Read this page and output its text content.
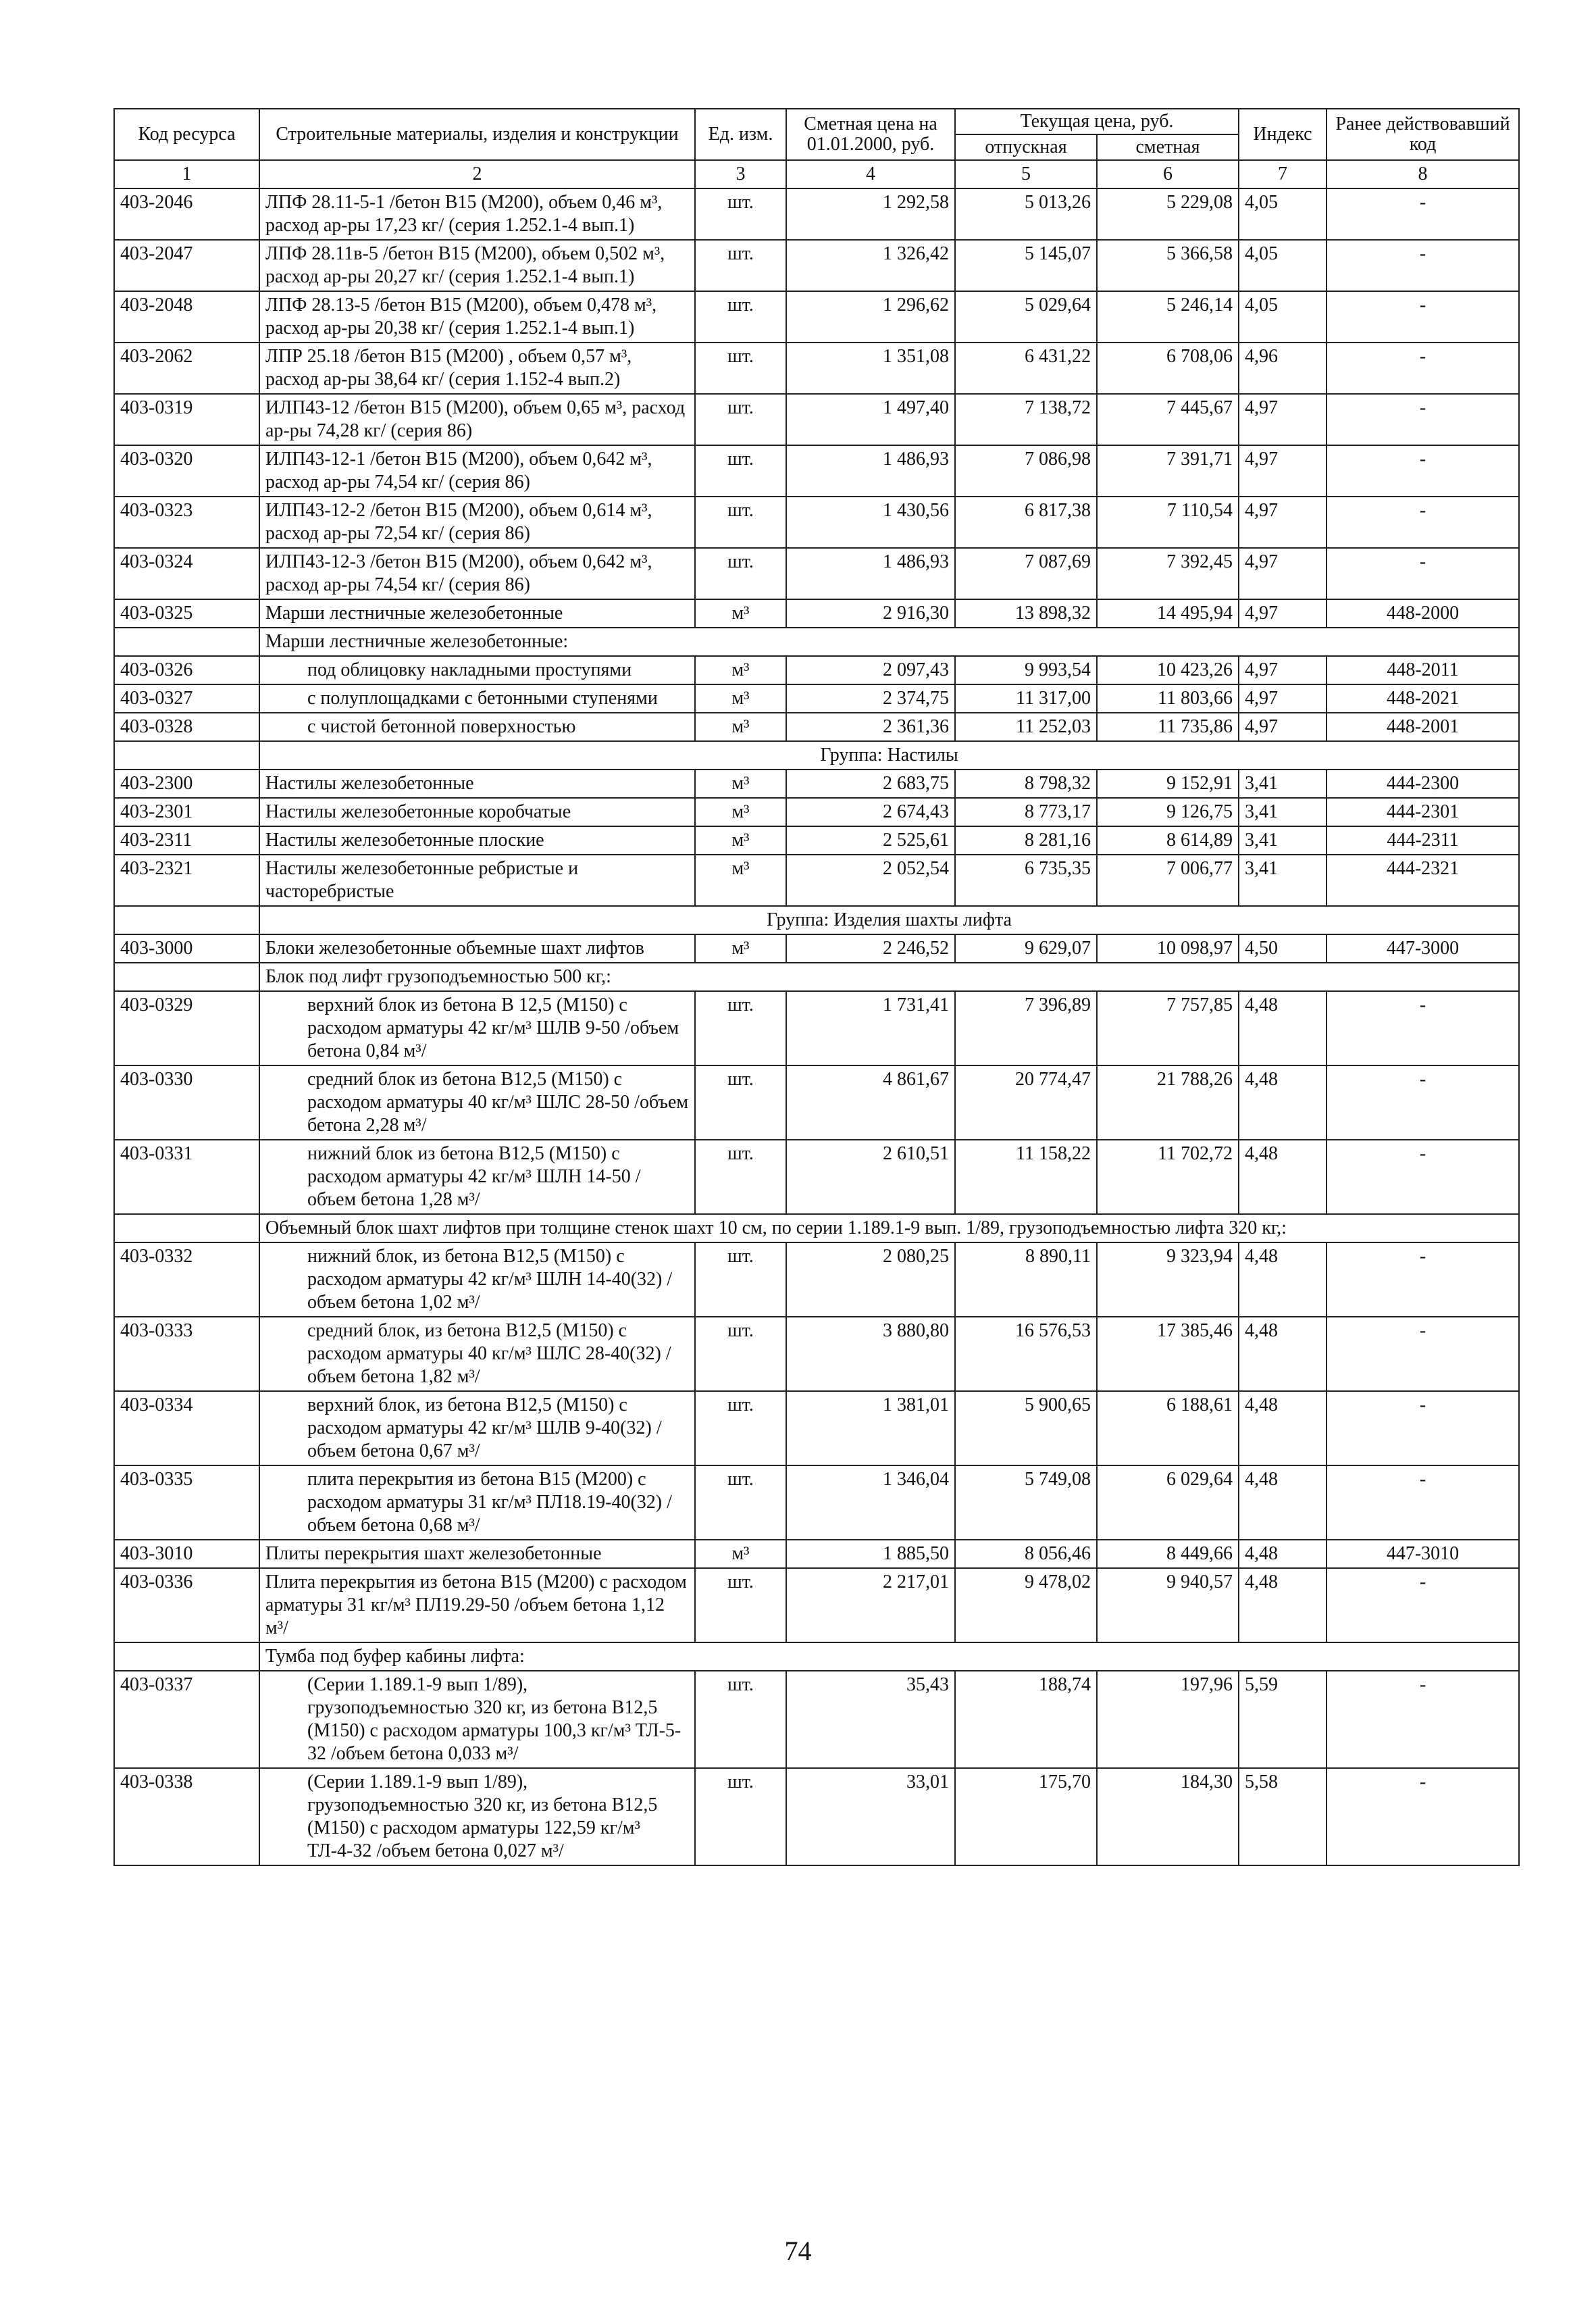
Код ресурса	Строительные материалы, изделия и конструкции	Ед. изм.	Сметная цена на 01.01.2000, руб.	Текущая цена, руб.		Индекс	Ранее действовавший код
				отпускная	сметная		
1	2	3	4	5	6	7	8
403-2046	ЛПФ 28.11-5-1 /бетон В15 (М200), объем 0,46 м³, расход ар-ры 17,23 кг/ (серия 1.252.1-4 вып.1)	шт.	1 292,58	5 013,26	5 229,08	4,05	-
403-2047	ЛПФ 28.11в-5 /бетон В15 (М200), объем 0,502 м³, расход ар-ры 20,27 кг/ (серия 1.252.1-4 вып.1)	шт.	1 326,42	5 145,07	5 366,58	4,05	-
403-2048	ЛПФ 28.13-5 /бетон В15 (М200), объем 0,478 м³, расход ар-ры 20,38 кг/ (серия 1.252.1-4 вып.1)	шт.	1 296,62	5 029,64	5 246,14	4,05	-
403-2062	ЛПР 25.18 /бетон В15 (М200) , объем 0,57 м³, расход ар-ры 38,64 кг/ (серия 1.152-4 вып.2)	шт.	1 351,08	6 431,22	6 708,06	4,96	-
403-0319	ИЛП43-12 /бетон В15 (М200), объем 0,65 м³, расход ар-ры 74,28 кг/ (серия 86)	шт.	1 497,40	7 138,72	7 445,67	4,97	-
403-0320	ИЛП43-12-1 /бетон В15 (М200), объем 0,642 м³, расход ар-ры 74,54 кг/ (серия 86)	шт.	1 486,93	7 086,98	7 391,71	4,97	-
403-0323	ИЛП43-12-2 /бетон В15 (М200), объем 0,614 м³, расход ар-ры 72,54 кг/ (серия 86)	шт.	1 430,56	6 817,38	7 110,54	4,97	-
403-0324	ИЛП43-12-3 /бетон В15 (М200), объем 0,642 м³, расход ар-ры 74,54 кг/ (серия 86)	шт.	1 486,93	7 087,69	7 392,45	4,97	-
403-0325	Марши лестничные железобетонные	м³	2 916,30	13 898,32	14 495,94	4,97	448-2000
	Марши лестничные железобетонные:						
403-0326	под облицовку накладными проступями	м³	2 097,43	9 993,54	10 423,26	4,97	448-2011
403-0327	с полуплощадками с бетонными ступенями	м³	2 374,75	11 317,00	11 803,66	4,97	448-2021
403-0328	с чистой бетонной поверхностью	м³	2 361,36	11 252,03	11 735,86	4,97	448-2001
	Группа: Настилы						
403-2300	Настилы железобетонные	м³	2 683,75	8 798,32	9 152,91	3,41	444-2300
403-2301	Настилы железобетонные коробчатые	м³	2 674,43	8 773,17	9 126,75	3,41	444-2301
403-2311	Настилы железобетонные плоские	м³	2 525,61	8 281,16	8 614,89	3,41	444-2311
403-2321	Настилы железобетонные ребристые и часторебристые	м³	2 052,54	6 735,35	7 006,77	3,41	444-2321
	Группа: Изделия шахты лифта						
403-3000	Блоки железобетонные объемные шахт лифтов	м³	2 246,52	9 629,07	10 098,97	4,50	447-3000
	Блок под лифт грузоподъемностью 500 кг,:						
403-0329	верхний блок из бетона В 12,5 (М150) с расходом арматуры 42 кг/м³ ШЛВ 9-50 /объем бетона 0,84 м³/	шт.	1 731,41	7 396,89	7 757,85	4,48	-
403-0330	средний блок из бетона В12,5 (М150) с расходом арматуры 40 кг/м³ ШЛС 28-50 /объем бетона 2,28 м³/	шт.	4 861,67	20 774,47	21 788,26	4,48	-
403-0331	нижний блок из бетона В12,5 (М150) с расходом арматуры 42 кг/м³ ШЛН 14-50 /объем бетона 1,28 м³/	шт.	2 610,51	11 158,22	11 702,72	4,48	-
	Объемный блок шахт лифтов при толщине стенок шахт 10 см, по серии 1.189.1-9 вып. 1/89, грузоподъемностью лифта 320 кг,:						
403-0332	нижний блок, из бетона В12,5 (М150) с расходом арматуры 42 кг/м³ ШЛН 14-40(32) /объем бетона 1,02 м³/	шт.	2 080,25	8 890,11	9 323,94	4,48	-
403-0333	средний блок, из бетона В12,5 (М150) с расходом арматуры 40 кг/м³ ШЛС 28-40(32) /объем бетона 1,82 м³/	шт.	3 880,80	16 576,53	17 385,46	4,48	-
403-0334	верхний блок, из бетона В12,5 (М150) с расходом арматуры 42 кг/м³ ШЛВ 9-40(32) /объем бетона 0,67 м³/	шт.	1 381,01	5 900,65	6 188,61	4,48	-
403-0335	плита перекрытия из бетона В15 (М200) с расходом арматуры 31 кг/м³ ПЛ18.19-40(32) /объем бетона 0,68 м³/	шт.	1 346,04	5 749,08	6 029,64	4,48	-
403-3010	Плиты перекрытия шахт железобетонные	м³	1 885,50	8 056,46	8 449,66	4,48	447-3010
403-0336	Плита перекрытия из бетона В15 (М200) с расходом арматуры 31 кг/м³ ПЛ19.29-50 /объем бетона 1,12 м³/	шт.	2 217,01	9 478,02	9 940,57	4,48	-
	Тумба под буфер кабины лифта:						
403-0337	(Серии 1.189.1-9 вып 1/89), грузоподъемностью 320 кг, из бетона В12,5 (М150) с расходом арматуры 100,3 кг/м³ ТЛ-5-32 /объем бетона 0,033 м³/	шт.	35,43	188,74	197,96	5,59	-
403-0338	(Серии 1.189.1-9 вып 1/89), грузоподъемностью 320 кг, из бетона В12,5 (М150) с расходом арматуры 122,59 кг/м³ ТЛ-4-32 /объем бетона 0,027 м³/	шт.	33,01	175,70	184,30	5,58	-
74
